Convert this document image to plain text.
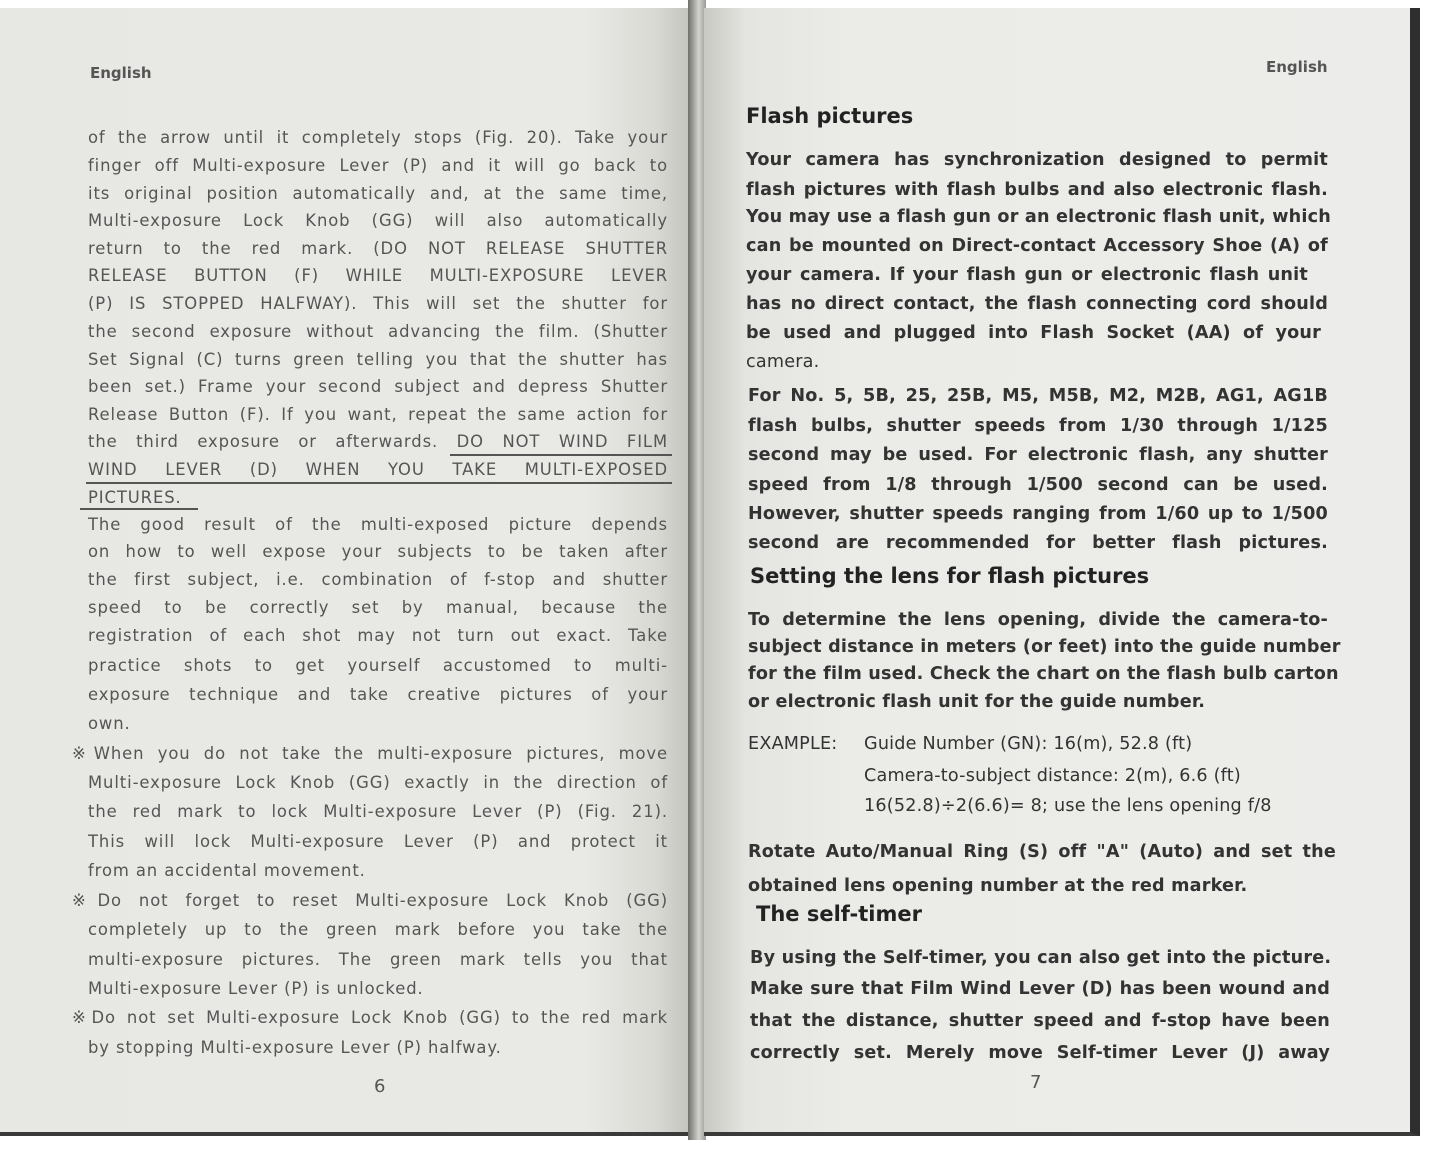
English
of the arrow until it completely stops (Fig. 20). Take your
finger off Multi-exposure Lever (P) and it will go back to
its original position automatically and, at the same time,
Multi-exposure Lock Knob (GG) will also automatically
return to the red mark. (DO NOT RELEASE SHUTTER
RELEASE BUTTON (F) WHILE MULTI-EXPOSURE LEVER
(P) IS STOPPED HALFWAY). This will set the shutter for
the second exposure without advancing the film. (Shutter
Set Signal (C) turns green telling you that the shutter has
been set.) Frame your second subject and depress Shutter
Release Button (F). If you want, repeat the same action for
the third exposure or afterwards. DO NOT WIND FILM
WIND LEVER (D) WHEN YOU TAKE MULTI-EXPOSED
PICTURES.
The good result of the multi-exposed picture depends
on how to well expose your subjects to be taken after
the first subject, i.e. combination of f-stop and shutter
speed to be correctly set by manual, because the
registration of each shot may not turn out exact. Take
practice shots to get yourself accustomed to multi-
exposure technique and take creative pictures of your
own.
※When you do not take the multi-exposure pictures, move
Multi-exposure Lock Knob (GG) exactly in the direction of
the red mark to lock Multi-exposure Lever (P) (Fig. 21).
This will lock Multi-exposure Lever (P) and protect it
from an accidental movement.
※Do not forget to reset Multi-exposure Lock Knob (GG)
completely up to the green mark before you take the
multi-exposure pictures. The green mark tells you that
Multi-exposure Lever (P) is unlocked.
※Do not set Multi-exposure Lock Knob (GG) to the red mark
by stopping Multi-exposure Lever (P) halfway.
6
English
Flash pictures
Your camera has synchronization designed to permit
flash pictures with flash bulbs and also electronic flash.
You may use a flash gun or an electronic flash unit, which
can be mounted on Direct-contact Accessory Shoe (A) of
your camera. If your flash gun or electronic flash unit
has no direct contact, the flash connecting cord should
be used and plugged into Flash Socket (AA) of your
camera.
For No. 5, 5B, 25, 25B, M5, M5B, M2, M2B, AG1, AG1B
flash bulbs, shutter speeds from 1/30 through 1/125
second may be used. For electronic flash, any shutter
speed from 1/8 through 1/500 second can be used.
However, shutter speeds ranging from 1/60 up to 1/500
second are recommended for better flash pictures.
Setting the lens for flash pictures
To determine the lens opening, divide the camera-to-
subject distance in meters (or feet) into the guide number
for the film used. Check the chart on the flash bulb carton
or electronic flash unit for the guide number.
EXAMPLE: Guide Number (GN): 16(m), 52.8 (ft)
Camera-to-subject distance: 2(m), 6.6 (ft)
16(52.8)÷2(6.6)= 8; use the lens opening f/8
Rotate Auto/Manual Ring (S) off "A" (Auto) and set the
obtained lens opening number at the red marker.
The self-timer
By using the Self-timer, you can also get into the picture.
Make sure that Film Wind Lever (D) has been wound and
that the distance, shutter speed and f-stop have been
correctly set. Merely move Self-timer Lever (J) away
7
